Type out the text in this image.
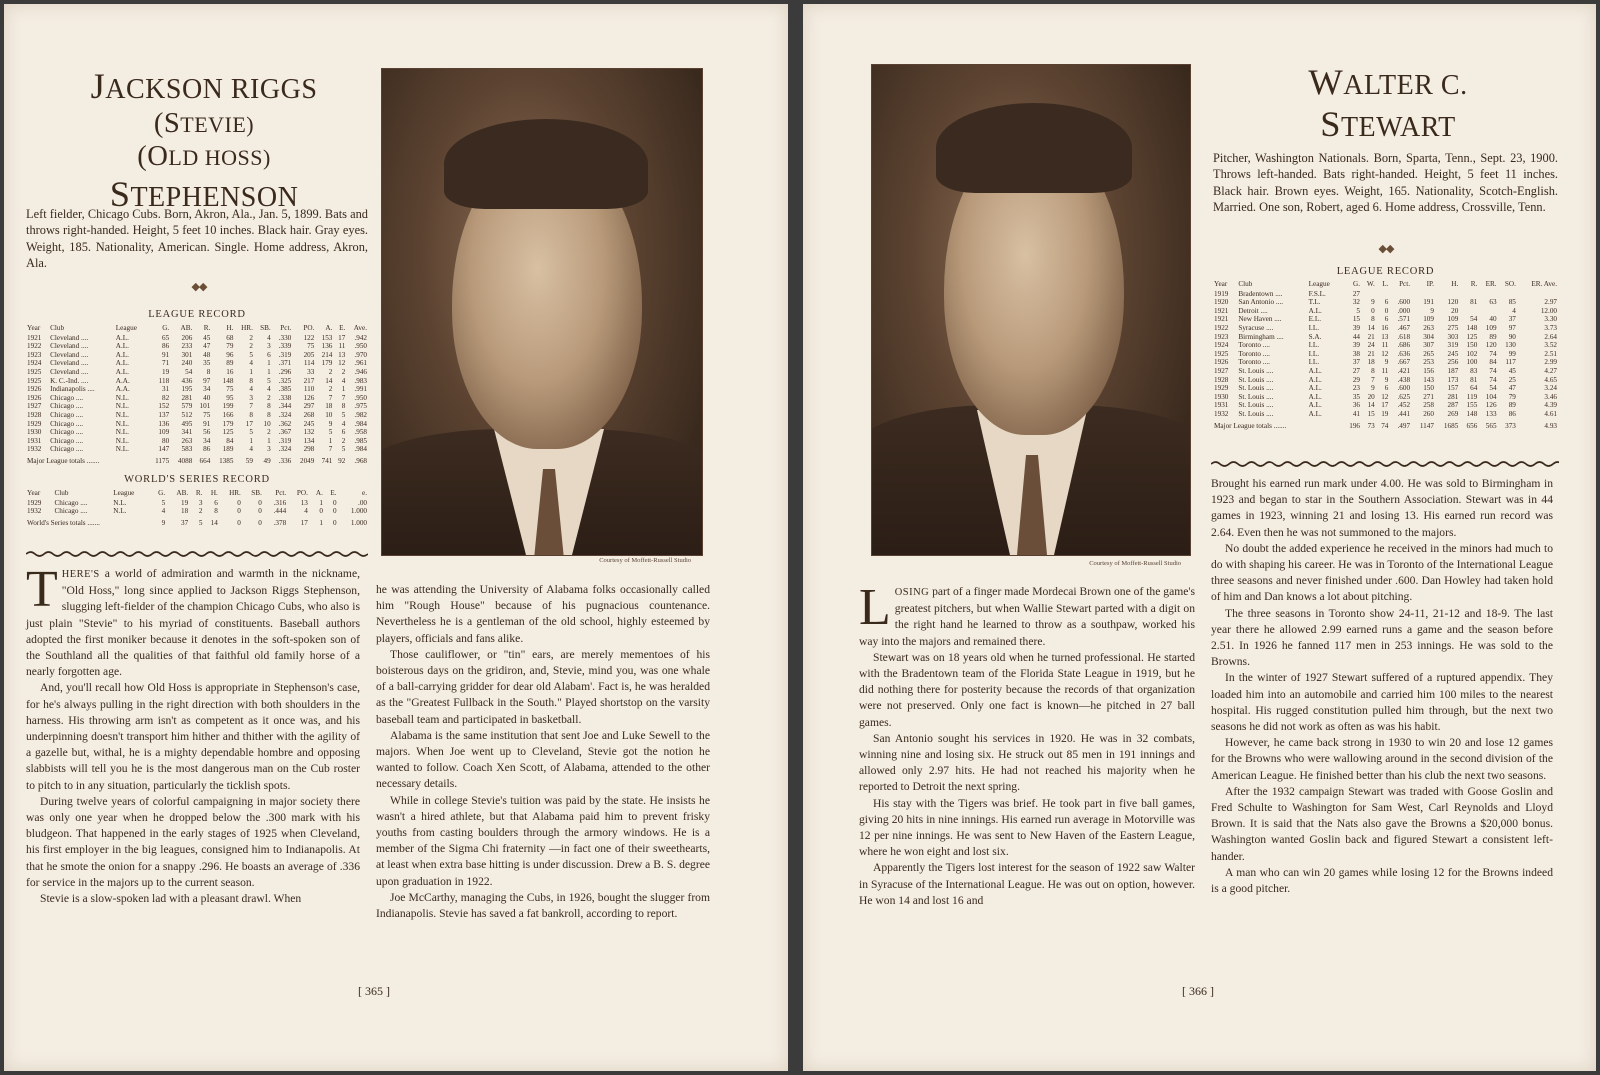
JACKSON RIGGS
(STEVIE)
(OLD HOSS)
STEPHENSON
Left fielder, Chicago Cubs. Born, Akron, Ala., Jan. 5, 1899. Bats and throws right-handed. Height, 5 feet 10 inches. Black hair. Gray eyes. Weight, 185. Nationality, American. Single. Home address, Akron, Ala.
◆◆
LEAGUE RECORD
Year	Club	League	G.	AB.	R.	H.	HR.	SB.	Pct.	PO.	A.	E.	Ave.
1921	Cleveland ....	A.L.	65	206	45	68	2	4	.330	122	153	17	.942
1922	Cleveland ....	A.L.	86	233	47	79	2	3	.339	75	136	11	.950
1923	Cleveland ....	A.L.	91	301	48	96	5	6	.319	205	214	13	.970
1924	Cleveland ....	A.L.	71	240	35	89	4	1	.371	114	179	12	.961
1925	Cleveland ....	A.L.	19	54	8	16	1	1	.296	33	2	2	.946
1925	K. C.-Ind. ....	A.A.	118	436	97	148	8	5	.325	217	14	4	.983
1926	Indianapolis ....	A.A.	31	195	34	75	4	4	.385	110	2	1	.991
1926	Chicago ....	N.L.	82	281	40	95	3	2	.338	126	7	7	.950
1927	Chicago ....	N.L.	152	579	101	199	7	8	.344	297	18	8	.975
1928	Chicago ....	N.L.	137	512	75	166	8	8	.324	268	10	5	.982
1929	Chicago ....	N.L.	136	495	91	179	17	10	.362	245	9	4	.984
1930	Chicago ....	N.L.	109	341	56	125	5	2	.367	132	5	6	.958
1931	Chicago ....	N.L.	80	263	34	84	1	1	.319	134	1	2	.985
1932	Chicago ....	N.L.	147	583	86	189	4	3	.324	298	7	5	.984
Major League totals .......			1175	4088	664	1385	59	49	.336	2049	741	92	.968
WORLD'S SERIES RECORD
Year	Club	League	G.	AB.	R.	H.	HR.	SB.	Pct.	PO.	A.	E.	e.
1929	Chicago ....	N.L.	5	19	3	6	0	0	.316	13	1	0	.00
1932	Chicago ....	N.L.	4	18	2	8	0	0	.444	4	0	0	1.000
World's Series totals .......			9	37	5	14	0	0	.378	17	1	0	1.000
Courtesy of Moffett-Russell Studio

THERE'S a world of admiration and warmth in the nickname, "Old Hoss," long since applied to Jackson Riggs Stephenson, slugging left-fielder of the champion Chicago Cubs, who also is just plain "Stevie" to his myriad of constituents. Baseball authors adopted the first moniker because it denotes in the soft-spoken son of the Southland all the qualities of that faithful old family horse of a nearly forgotten age.

And, you'll recall how Old Hoss is appropriate in Stephenson's case, for he's always pulling in the right direction with both shoulders in the harness. His throwing arm isn't as competent as it once was, and his underpinning doesn't transport him hither and thither with the agility of a gazelle but, withal, he is a mighty dependable hombre and opposing slabbists will tell you he is the most dangerous man on the Cub roster to pitch to in any situation, particularly the ticklish spots.

During twelve years of colorful campaigning in major society there was only one year when he dropped below the .300 mark with his bludgeon. That happened in the early stages of 1925 when Cleveland, his first employer in the big leagues, consigned him to Indianapolis. At that he smote the onion for a snappy .296. He boasts an average of .336 for service in the majors up to the current season.

Stevie is a slow-spoken lad with a pleasant drawl. When

he was attending the University of Alabama folks occasionally called him "Rough House" because of his pugnacious countenance. Nevertheless he is a gentleman of the old school, highly esteemed by players, officials and fans alike.

Those cauliflower, or "tin" ears, are merely mementoes of his boisterous days on the gridiron, and, Stevie, mind you, was one whale of a ball-carrying gridder for dear old Alabam'. Fact is, he was heralded as the "Greatest Fullback in the South." Played shortstop on the varsity baseball team and participated in basketball.

Alabama is the same institution that sent Joe and Luke Sewell to the majors. When Joe went up to Cleveland, Stevie got the notion he wanted to follow. Coach Xen Scott, of Alabama, attended to the other necessary details.

While in college Stevie's tuition was paid by the state. He insists he wasn't a hired athlete, but that Alabama paid him to prevent frisky youths from casting boulders through the armory windows. He is a member of the Sigma Chi fraternity —in fact one of their sweethearts, at least when extra base hitting is under discussion. Drew a B. S. degree upon graduation in 1922.

Joe McCarthy, managing the Cubs, in 1926, bought the slugger from Indianapolis. Stevie has saved a fat bankroll, according to report.

[ 365 ]
Courtesy of Moffett-Russell Studio
WALTER C.
STEWART
Pitcher, Washington Nationals. Born, Sparta, Tenn., Sept. 23, 1900. Throws left-handed. Bats right-handed. Height, 5 feet 11 inches. Black hair. Brown eyes. Weight, 165. Nationality, Scotch-English. Married. One son, Robert, aged 6. Home address, Crossville, Tenn.
◆◆
LEAGUE RECORD
Year	Club	League	G.	W.	L.	Pct.	IP.	H.	R.	ER.	SO.	ER. Ave.
1919	Bradentown ....	F.S.L.	27									
1920	San Antonio ....	T.L.	32	9	6	.600	191	120	81	63	85	2.97
1921	Detroit ....	A.L.	5	0	0	.000	9	20			4	12.00
1921	New Haven ....	E.L.	15	8	6	.571	109	109	54	40	37	3.30
1922	Syracuse ....	I.L.	39	14	16	.467	263	275	148	109	97	3.73
1923	Birmingham ....	S.A.	44	21	13	.618	304	303	125	89	90	2.64
1924	Toronto ....	I.L.	39	24	11	.686	307	319	150	120	130	3.52
1925	Toronto ....	I.L.	38	21	12	.636	265	245	102	74	99	2.51
1926	Toronto ....	I.L.	37	18	9	.667	253	256	100	84	117	2.99
1927	St. Louis ....	A.L.	27	8	11	.421	156	187	83	74	45	4.27
1928	St. Louis ....	A.L.	29	7	9	.438	143	173	81	74	25	4.65
1929	St. Louis ....	A.L.	23	9	6	.600	150	157	64	54	47	3.24
1930	St. Louis ....	A.L.	35	20	12	.625	271	281	119	104	79	3.46
1931	St. Louis ....	A.L.	36	14	17	.452	258	287	155	126	89	4.39
1932	St. Louis ....	A.L.	41	15	19	.441	260	269	148	133	86	4.61
Major League totals .......			196	73	74	.497	1147	1685	656	565	373	4.93

LOSING part of a finger made Mordecai Brown one of the game's greatest pitchers, but when Wallie Stewart parted with a digit on the right hand he learned to throw as a southpaw, worked his way into the majors and remained there.

Stewart was on 18 years old when he turned professional. He started with the Bradentown team of the Florida State League in 1919, but he did nothing there for posterity because the records of that organization were not preserved. Only one fact is known—he pitched in 27 ball games.

San Antonio sought his services in 1920. He was in 32 combats, winning nine and losing six. He struck out 85 men in 191 innings and allowed only 2.97 hits. He had not reached his majority when he reported to Detroit the next spring.

His stay with the Tigers was brief. He took part in five ball games, giving 20 hits in nine innings. His earned run average in Motorville was 12 per nine innings. He was sent to New Haven of the Eastern League, where he won eight and lost six.

Apparently the Tigers lost interest for the season of 1922 saw Walter in Syracuse of the International League. He was out on option, however. He won 14 and lost 16 and

Brought his earned run mark under 4.00. He was sold to Birmingham in 1923 and began to star in the Southern Association. Stewart was in 44 games in 1923, winning 21 and losing 13. His earned run record was 2.64. Even then he was not summoned to the majors.

No doubt the added experience he received in the minors had much to do with shaping his career. He was in Toronto of the International League three seasons and never finished under .600. Dan Howley had taken hold of him and Dan knows a lot about pitching.

The three seasons in Toronto show 24-11, 21-12 and 18-9. The last year there he allowed 2.99 earned runs a game and the season before 2.51. In 1926 he fanned 117 men in 253 innings. He was sold to the Browns.

In the winter of 1927 Stewart suffered of a ruptured appendix. They loaded him into an automobile and carried him 100 miles to the nearest hospital. His rugged constitution pulled him through, but the next two seasons he did not work as often as was his habit.

However, he came back strong in 1930 to win 20 and lose 12 games for the Browns who were wallowing around in the second division of the American League. He finished better than his club the next two seasons.

After the 1932 campaign Stewart was traded with Goose Goslin and Fred Schulte to Washington for Sam West, Carl Reynolds and Lloyd Brown. It is said that the Nats also gave the Browns a $20,000 bonus. Washington wanted Goslin back and figured Stewart a consistent left-hander.

A man who can win 20 games while losing 12 for the Browns indeed is a good pitcher.

[ 366 ]
